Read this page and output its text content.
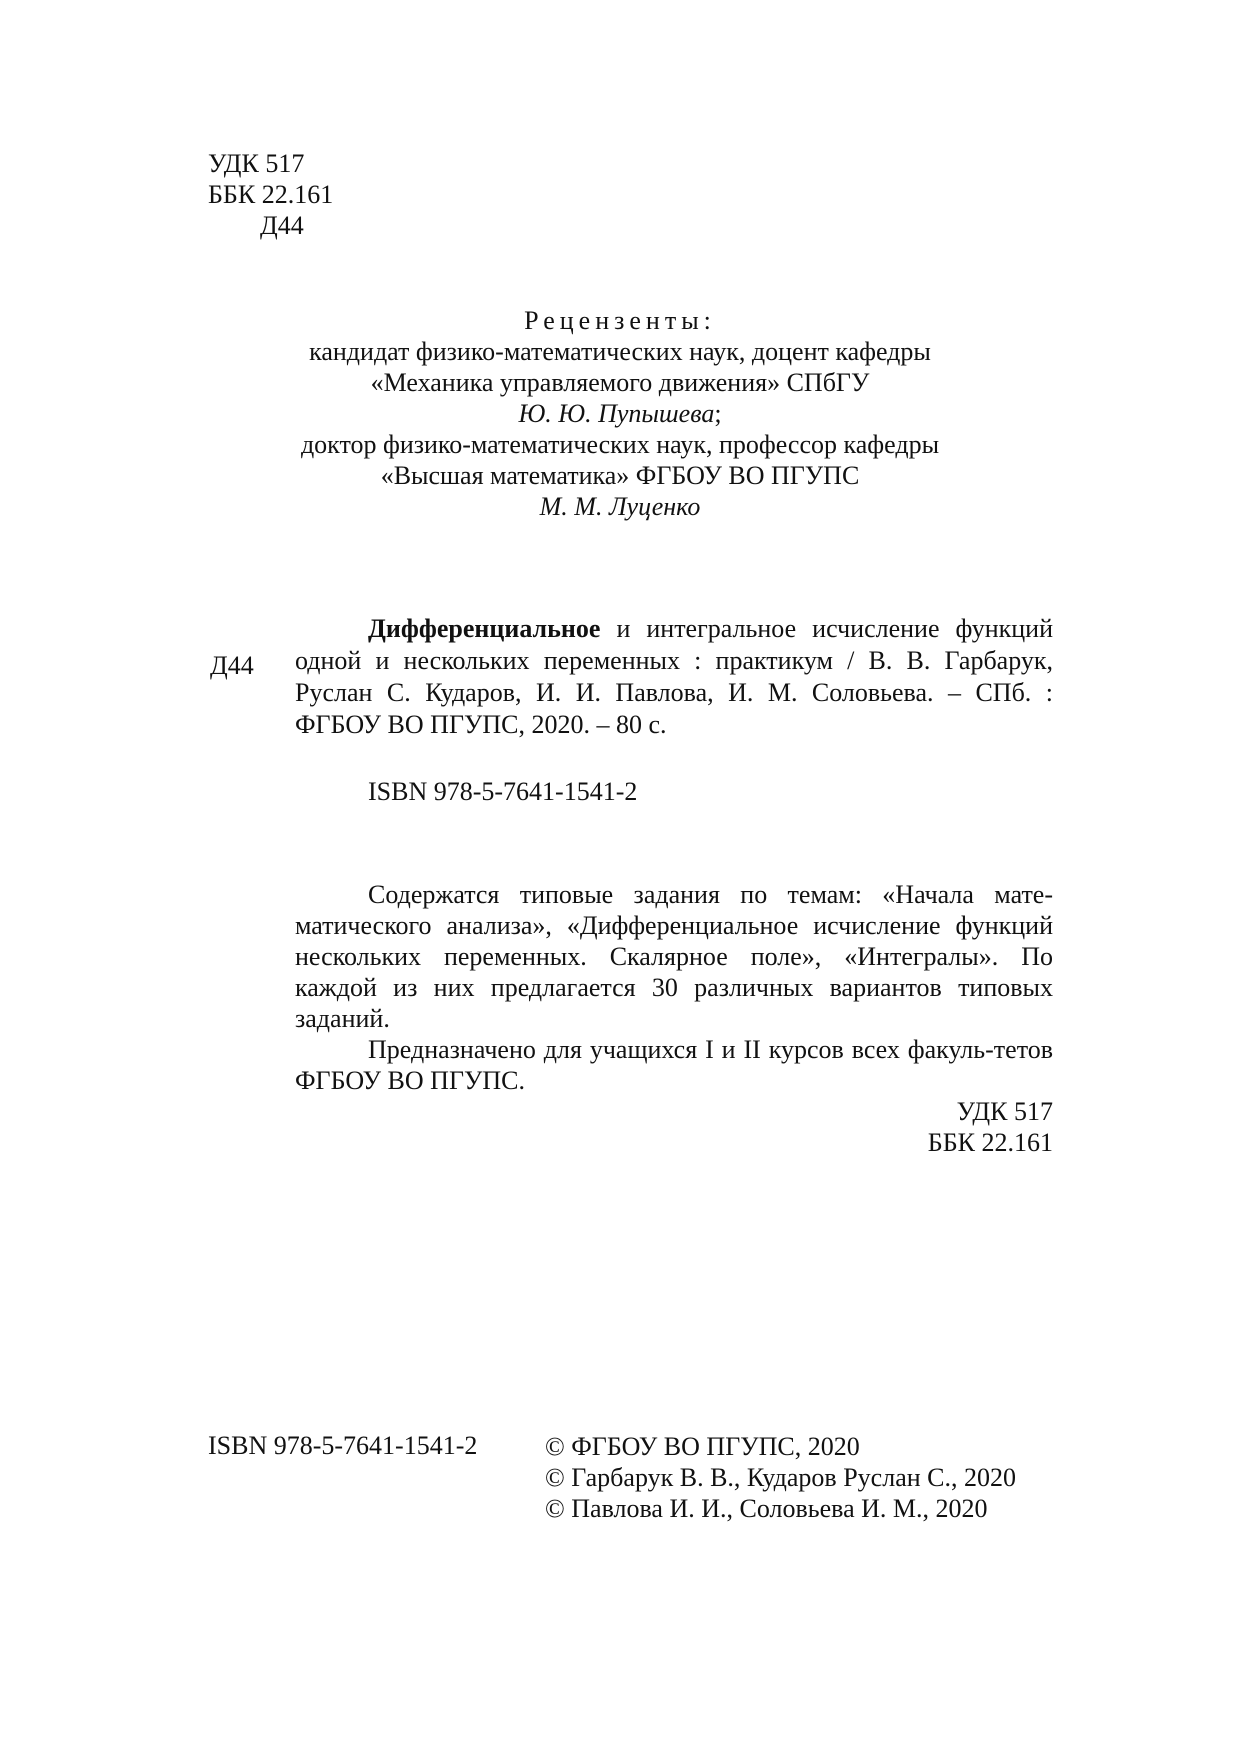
УДК 517
ББК 22.161
Д44
Рецензенты:
кандидат физико-математических наук, доцент кафедры
«Механика управляемого движения» СПбГУ
Ю. Ю. Пупышева;
доктор физико-математических наук, профессор кафедры
«Высшая математика» ФГБОУ ВО ПГУПС
М. М. Луценко
Д44
Дифференциальное и интегральное исчисление функций одной и нескольких переменных : практикум / В. В. Гарбарук, Руслан С. Кударов, И. И. Павлова, И. М. Соловьева. – СПб. : ФГБОУ ВО ПГУПС, 2020. – 80 с.
ISBN 978-5-7641-1541-2

Содержатся типовые задания по темам: «Начала мате-матического анализа», «Дифференциальное исчисление функций нескольких переменных. Скалярное поле», «Интегралы». По каждой из них предлагается 30 различных вариантов типовых заданий.

Предназначено для учащихся I и II курсов всех факуль-тетов ФГБОУ ВО ПГУПС.

УДК 517
ББК 22.161
ISBN 978-5-7641-1541-2	© ФГБОУ ВО ПГУПС, 2020
© Гарбарук В. В., Кударов Руслан С., 2020
© Павлова И. И., Соловьева И. М., 2020
